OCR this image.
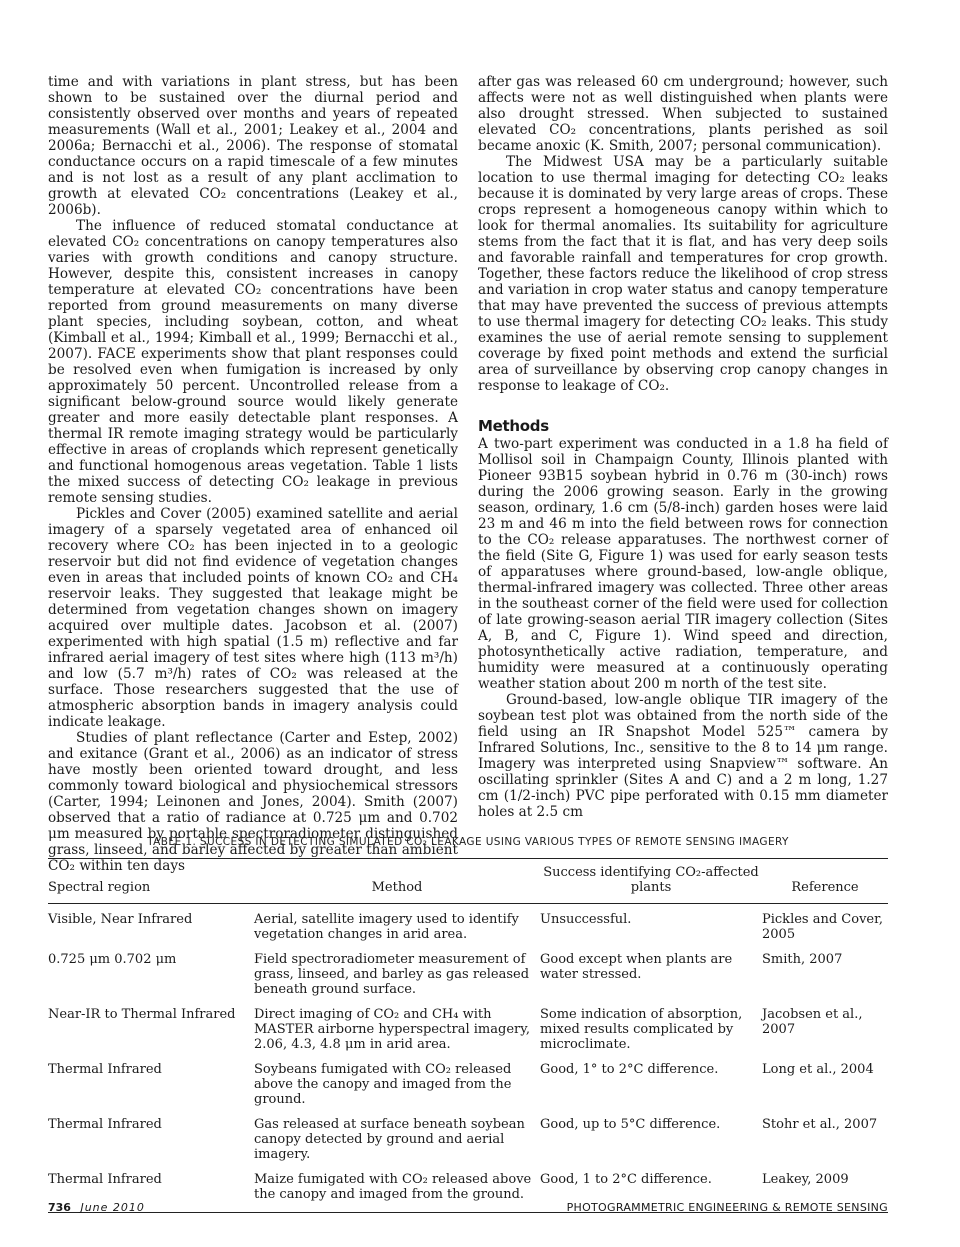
time and with variations in plant stress, but has been shown to be sustained over the diurnal period and consistently observed over months and years of repeated measurements (Wall et al., 2001; Leakey et al., 2004 and 2006a; Bernacchi et al., 2006). The response of stomatal conductance occurs on a rapid timescale of a few minutes and is not lost as a result of any plant acclimation to growth at elevated CO₂ concentrations (Leakey et al., 2006b).

The influence of reduced stomatal conductance at elevated CO₂ concentrations on canopy temperatures also varies with growth conditions and canopy structure. However, despite this, consistent increases in canopy temperature at elevated CO₂ concentrations have been reported from ground measurements on many diverse plant species, including soybean, cotton, and wheat (Kimball et al., 1994; Kimball et al., 1999; Bernacchi et al., 2007). FACE experiments show that plant responses could be resolved even when fumigation is increased by only approximately 50 percent. Uncontrolled release from a significant below-ground source would likely generate greater and more easily detectable plant responses. A thermal IR remote imaging strategy would be particularly effective in areas of croplands which represent genetically and functional homogenous areas vegetation. Table 1 lists the mixed success of detecting CO₂ leakage in previous remote sensing studies.

Pickles and Cover (2005) examined satellite and aerial imagery of a sparsely vegetated area of enhanced oil recovery where CO₂ has been injected in to a geologic reservoir but did not find evidence of vegetation changes even in areas that included points of known CO₂ and CH₄ reservoir leaks. They suggested that leakage might be determined from vegetation changes shown on imagery acquired over multiple dates. Jacobson et al. (2007) experimented with high spatial (1.5 m) reflective and far infrared aerial imagery of test sites where high (113 m³/h) and low (5.7 m³/h) rates of CO₂ was released at the surface. Those researchers suggested that the use of atmospheric absorption bands in imagery analysis could indicate leakage.

Studies of plant reflectance (Carter and Estep, 2002) and exitance (Grant et al., 2006) as an indicator of stress have mostly been oriented toward drought, and less commonly toward biological and physiochemical stressors (Carter, 1994; Leinonen and Jones, 2004). Smith (2007) observed that a ratio of radiance at 0.725 μm and 0.702 μm measured by portable spectroradiometer distinguished grass, linseed, and barley affected by greater than ambient CO₂ within ten days

after gas was released 60 cm underground; however, such affects were not as well distinguished when plants were also drought stressed. When subjected to sustained elevated CO₂ concentrations, plants perished as soil became anoxic (K. Smith, 2007; personal communication).

The Midwest USA may be a particularly suitable location to use thermal imaging for detecting CO₂ leaks because it is dominated by very large areas of crops. These crops represent a homogeneous canopy within which to look for thermal anomalies. Its suitability for agriculture stems from the fact that it is flat, and has very deep soils and favorable rainfall and temperatures for crop growth. Together, these factors reduce the likelihood of crop stress and variation in crop water status and canopy temperature that may have prevented the success of previous attempts to use thermal imagery for detecting CO₂ leaks. This study examines the use of aerial remote sensing to supplement coverage by fixed point methods and extend the surficial area of surveillance by observing crop canopy changes in response to leakage of CO₂.

Methods

A two-part experiment was conducted in a 1.8 ha field of Mollisol soil in Champaign County, Illinois planted with Pioneer 93B15 soybean hybrid in 0.76 m (30-inch) rows during the 2006 growing season. Early in the growing season, ordinary, 1.6 cm (5/8-inch) garden hoses were laid 23 m and 46 m into the field between rows for connection to the CO₂ release apparatuses. The northwest corner of the field (Site G, Figure 1) was used for early season tests of apparatuses where ground-based, low-angle oblique, thermal-infrared imagery was collected. Three other areas in the southeast corner of the field were used for collection of late growing-season aerial TIR imagery collection (Sites A, B, and C, Figure 1). Wind speed and direction, photosynthetically active radiation, temperature, and humidity were measured at a continuously operating weather station about 200 m north of the test site.

Ground-based, low-angle oblique TIR imagery of the soybean test plot was obtained from the north side of the field using an IR Snapshot Model 525™ camera by Infrared Solutions, Inc., sensitive to the 8 to 14 μm range. Imagery was interpreted using Snapview™ software. An oscillating sprinkler (Sites A and C) and a 2 m long, 1.27 cm (1/2-inch) PVC pipe perforated with 0.15 mm diameter holes at 2.5 cm

TABLE 1. SUCCESS IN DETECTING SIMULATED CO₂ LEAKAGE USING VARIOUS TYPES OF REMOTE SENSING IMAGERY
Spectral region	Method	Success identifying CO₂-affected plants	Reference
Visible, Near Infrared	Aerial, satellite imagery used to identify vegetation changes in arid area.	Unsuccessful.	Pickles and Cover, 2005
0.725 μm 0.702 μm	Field spectroradiometer measurement of grass, linseed, and barley as gas released beneath ground surface.	Good except when plants are water stressed.	Smith, 2007
Near-IR to Thermal Infrared	Direct imaging of CO₂ and CH₄ with MASTER airborne hyperspectral imagery, 2.06, 4.3, 4.8 μm in arid area.	Some indication of absorption, mixed results complicated by microclimate.	Jacobsen et al., 2007
Thermal Infrared	Soybeans fumigated with CO₂ released above the canopy and imaged from the ground.	Good, 1° to 2°C difference.	Long et al., 2004
Thermal Infrared	Gas released at surface beneath soybean canopy detected by ground and aerial imagery.	Good, up to 5°C difference.	Stohr et al., 2007
Thermal Infrared	Maize fumigated with CO₂ released above the canopy and imaged from the ground.	Good, 1 to 2°C difference.	Leakey, 2009
736 June 2010	PHOTOGRAMMETRIC ENGINEERING & REMOTE SENSING
